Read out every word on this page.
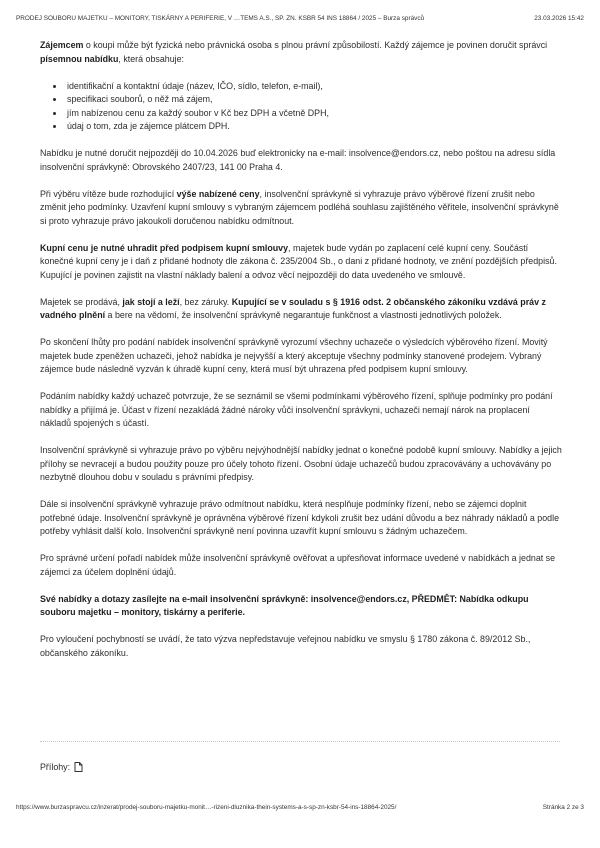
PRODEJ SOUBORU MAJETKU – MONITORY, TISKÁRNY A PERIFERIE, V …TEMS A.S., SP. ZN. KSBR 54 INS 18864 / 2025 – Burza správců	23.03.2026 15:42

Zájemcem o koupi může být fyzická nebo právnická osoba s plnou právní způsobilostí. Každý zájemce je povinen doručit správci písemnou nabídku, která obsahuje:

• identifikační a kontaktní údaje (název, IČO, sídlo, telefon, e-mail),
• specifikaci souborů, o něž má zájem,
• jím nabízenou cenu za každý soubor v Kč bez DPH a včetně DPH,
• údaj o tom, zda je zájemce plátcem DPH.

Nabídku je nutné doručit nejpozději do 10.04.2026 buď elektronicky na e-mail: insolvence@endors.cz, nebo poštou na adresu sídla insolvenční správkyně: Obrovského 2407/23, 141 00 Praha 4.

Při výběru vítěze bude rozhodující výše nabízené ceny, insolvenční správkyně si vyhrazuje právo výběrové řízení zrušit nebo změnit jeho podmínky. Uzavření kupní smlouvy s vybraným zájemcem podléhá souhlasu zajištěného věřitele, insolvenční správkyně si proto vyhrazuje právo jakoukoli doručenou nabídku odmítnout.

Kupní cenu je nutné uhradit před podpisem kupní smlouvy, majetek bude vydán po zaplacení celé kupní ceny. Součástí konečné kupní ceny je i daň z přidané hodnoty dle zákona č. 235/2004 Sb., o dani z přidané hodnoty, ve znění pozdějších předpisů. Kupující je povinen zajistit na vlastní náklady balení a odvoz věcí nejpozději do data uvedeného ve smlouvě.

Majetek se prodává, jak stojí a leží, bez záruky. Kupující se v souladu s § 1916 odst. 2 občanského zákoníku vzdává práv z vadného plnění a bere na vědomí, že insolvenční správkyně negarantuje funkčnost a vlastnosti jednotlivých položek.

Po skončení lhůty pro podání nabídek insolvenční správkyně vyrozumí všechny uchazeče o výsledcích výběrového řízení. Movitý majetek bude zpeněžen uchazeči, jehož nabídka je nejvyšší a který akceptuje všechny podmínky stanovené prodejem. Vybraný zájemce bude následně vyzván k úhradě kupní ceny, která musí být uhrazena před podpisem kupní smlouvy.

Podáním nabídky každý uchazeč potvrzuje, že se seznámil se všemi podmínkami výběrového řízení, splňuje podmínky pro podání nabídky a přijímá je. Účast v řízení nezakládá žádné nároky vůči insolvenční správkyni, uchazeči nemají nárok na proplacení nákladů spojených s účastí.

Insolvenční správkyně si vyhrazuje právo po výběru nejvýhodnější nabídky jednat o konečné podobě kupní smlouvy. Nabídky a jejich přílohy se nevracejí a budou použity pouze pro účely tohoto řízení. Osobní údaje uchazečů budou zpracovávány a uchovávány po nezbytně dlouhou dobu v souladu s právními předpisy.

Dále si insolvenční správkyně vyhrazuje právo odmítnout nabídku, která nesplňuje podmínky řízení, nebo se zájemci doplnit potřebné údaje. Insolvenční správkyně je oprávněna výběrové řízení kdykoli zrušit bez udání důvodu a bez náhrady nákladů a podle potřeby vyhlásit další kolo. Insolvenční správkyně není povinna uzavřít kupní smlouvu s žádným uchazečem.

Pro správné určení pořadí nabídek může insolvenční správkyně ověřovat a upřesňovat informace uvedené v nabídkách a jednat se zájemci za účelem doplnění údajů.

Své nabídky a dotazy zasílejte na e-mail insolvenční správkyně: insolvence@endors.cz, PŘEDMĚT: Nabídka odkupu souboru majetku – monitory, tiskárny a periferie.

Pro vyloučení pochybností se uvádí, že tato výzva nepředstavuje veřejnou nabídku ve smyslu § 1780 zákona č. 89/2012 Sb., občanského zákoníku.

Přílohy:
https://www.burzaspravcu.cz/inzerat/prodej-souboru-majetku-monit…-rizeni-dluznika-thein-systems-a-s-sp-zn-ksbr-54-ins-18864-2025/	Stránka 2 ze 3
